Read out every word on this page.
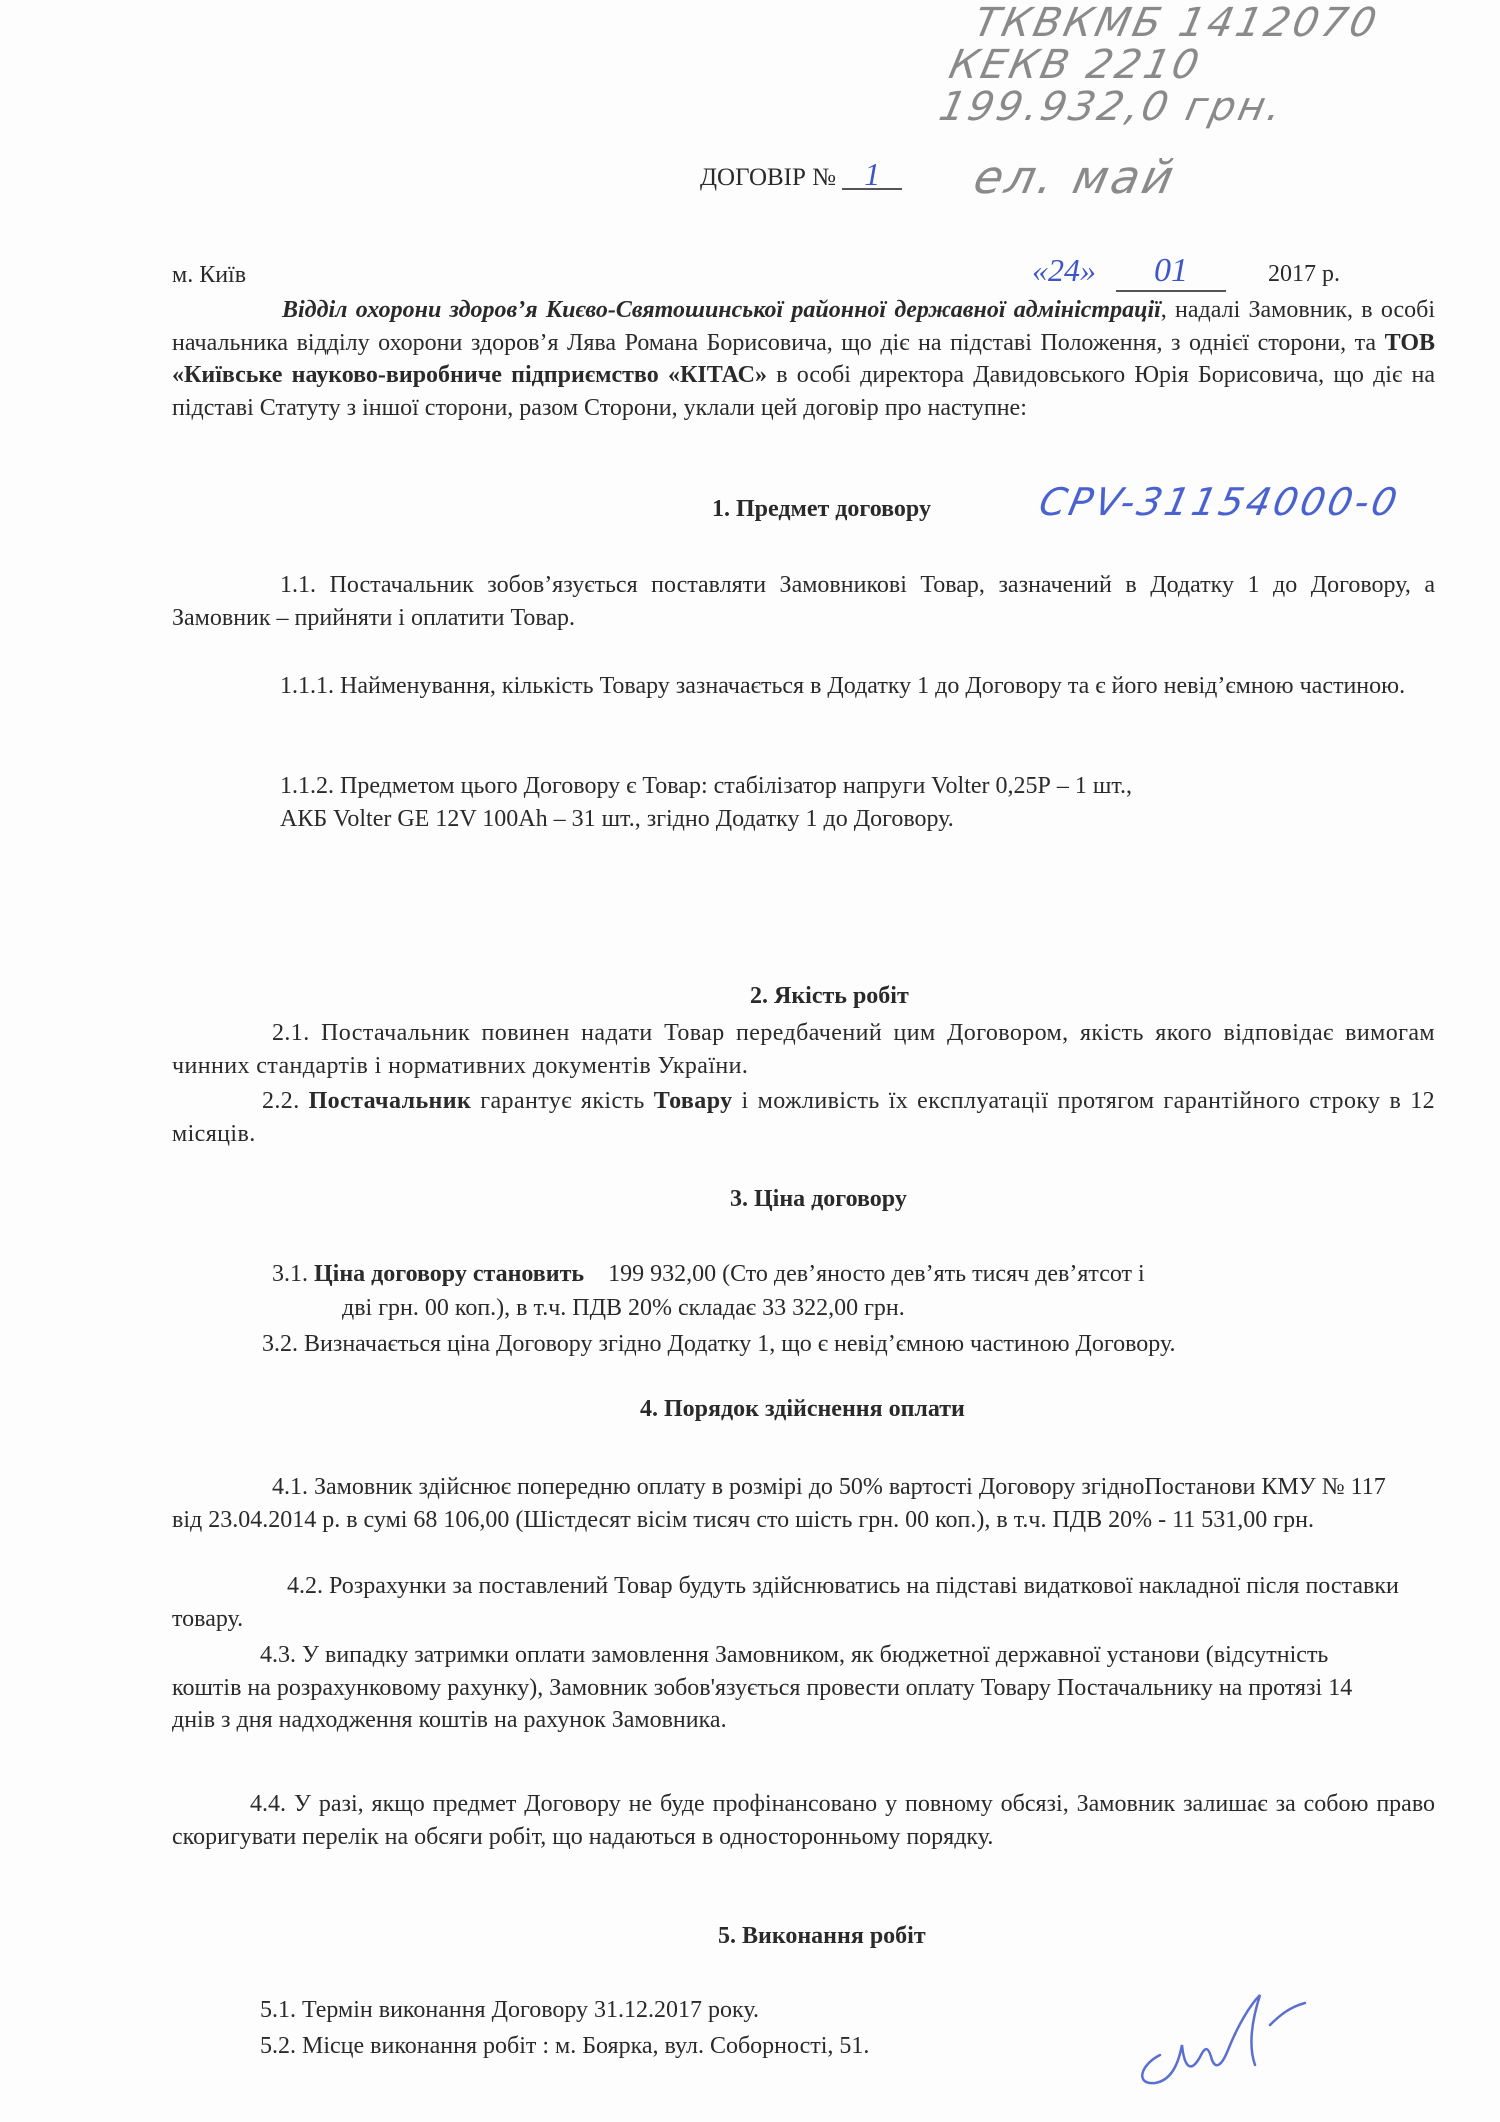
ТКВКМБ 1412070
КЕКВ 2210
199.932,0 грн.
ел. май
ДОГОВІР № 1
м. Київ	«24» 01	2017 р.
Відділ охорони здоров’я Києво-Святошинської районної державної адміністрації, надалі Замовник, в особі начальника відділу охорони здоров’я Лява Романа Борисовича, що діє на підставі Положення, з однієї сторони, та ТОВ «Київське науково-виробниче підприємство «КІТАС» в особі директора Давидовського Юрія Борисовича, що діє на підставі Статуту з іншої сторони, разом Сторони, уклали цей договір про наступне:
1. Предмет договору	CPV-31154000-0
1.1. Постачальник зобов’язується поставляти Замовникові Товар, зазначений в Додатку 1 до Договору, а Замовник – прийняти і оплатити Товар.
1.1.1. Найменування, кількість Товару зазначається в Додатку 1 до Договору та є його невід’ємною частиною.
1.1.2. Предметом цього Договору є Товар: стабілізатор напруги Volter 0,25Р – 1 шт.,
АКБ Volter GE 12V 100Ah – 31 шт., згідно Додатку 1 до Договору.
2. Якість робіт
2.1. Постачальник повинен надати Товар передбачений цим Договором, якість якого відповідає вимогам чинних стандартів і нормативних документів України.
2.2. Постачальник гарантує якість Товару і можливість їх експлуатації протягом гарантійного строку в 12 місяців.
3. Ціна договору
3.1. Ціна договору становить    199 932,00 (Сто дев’яносто дев’ять тисяч дев’ятсот і
дві грн. 00 коп.), в т.ч. ПДВ 20% складає 33 322,00 грн.
3.2. Визначається ціна Договору згідно Додатку 1, що є невід’ємною частиною Договору.
4. Порядок здійснення оплати
4.1. Замовник здійснює попередню оплату в розмірі до 50% вартості Договору згідноПостанови КМУ № 117 від 23.04.2014 р. в сумі 68 106,00 (Шістдесят вісім тисяч сто шість грн. 00 коп.), в т.ч. ПДВ 20% - 11 531,00 грн.
4.2. Розрахунки за поставлений Товар будуть здійснюватись на підставі видаткової накладної після поставки товару.
4.3. У випадку затримки оплати замовлення Замовником, як бюджетної державної установи (відсутність коштів на розрахунковому рахунку), Замовник зобов'язується провести оплату Товару Постачальнику на протязі 14 днів з дня надходження коштів на рахунок Замовника.
4.4. У разі, якщо предмет Договору не буде профінансовано у повному обсязі, Замовник залишає за собою право скоригувати перелік на обсяги робіт, що надаються в односторонньому порядку.
5. Виконання робіт
5.1. Термін виконання Договору 31.12.2017 року.
5.2. Місце виконання робіт : м. Боярка, вул. Соборності, 51.
